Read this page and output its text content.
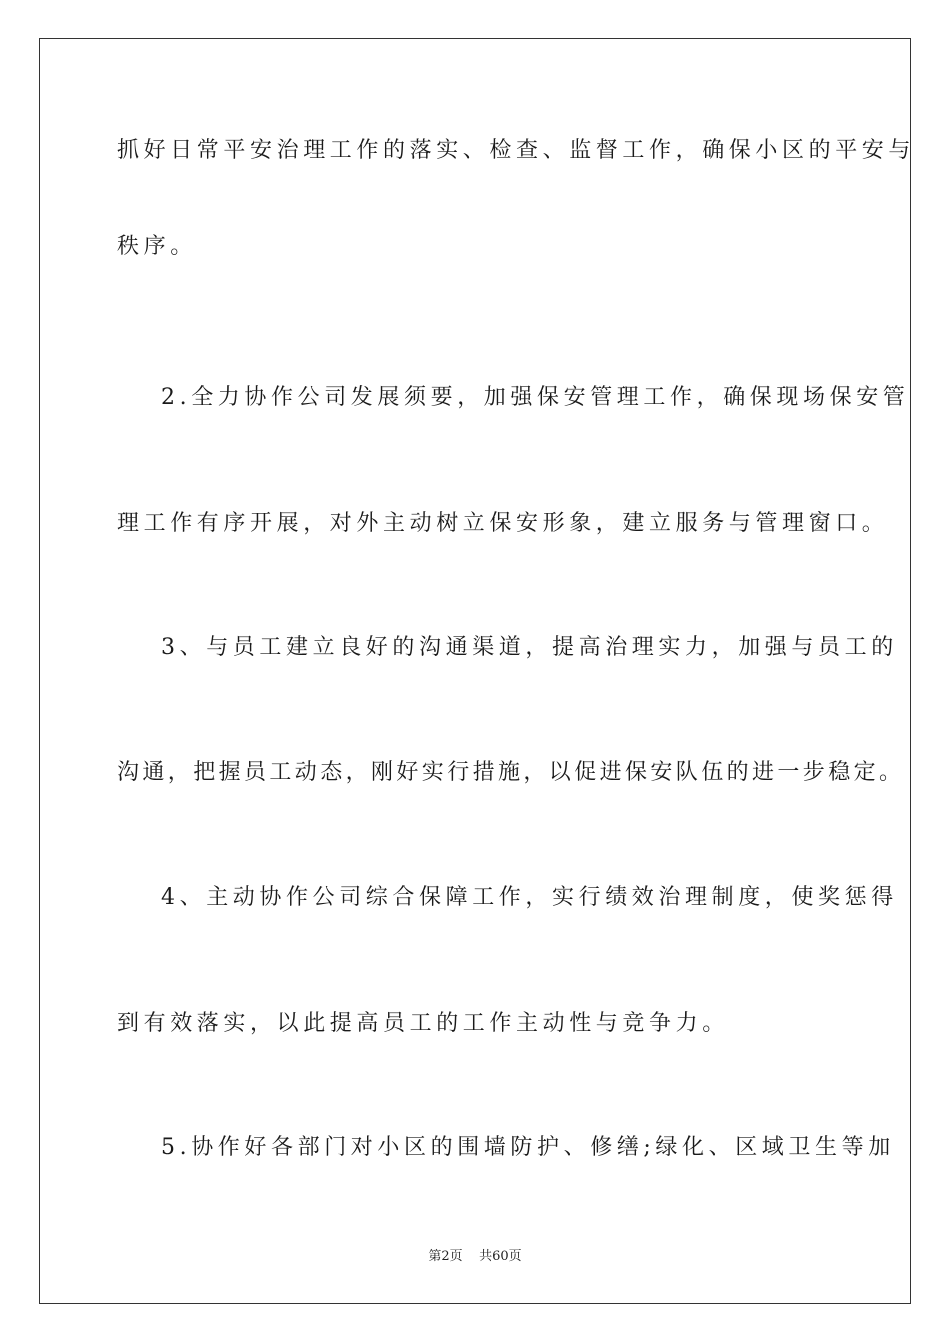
抓好日常平安治理工作的落实、检查、监督工作，确保小区的平安与
秩序。
2.全力协作公司发展须要，加强保安管理工作，确保现场保安管
理工作有序开展，对外主动树立保安形象，建立服务与管理窗口。
3、与员工建立良好的沟通渠道，提高治理实力，加强与员工的
沟通，把握员工动态，刚好实行措施，以促进保安队伍的进一步稳定。
4、主动协作公司综合保障工作，实行绩效治理制度，使奖惩得
到有效落实，以此提高员工的工作主动性与竞争力。
5.协作好各部门对小区的围墙防护、修缮;绿化、区域卫生等加
第2页 共60页
